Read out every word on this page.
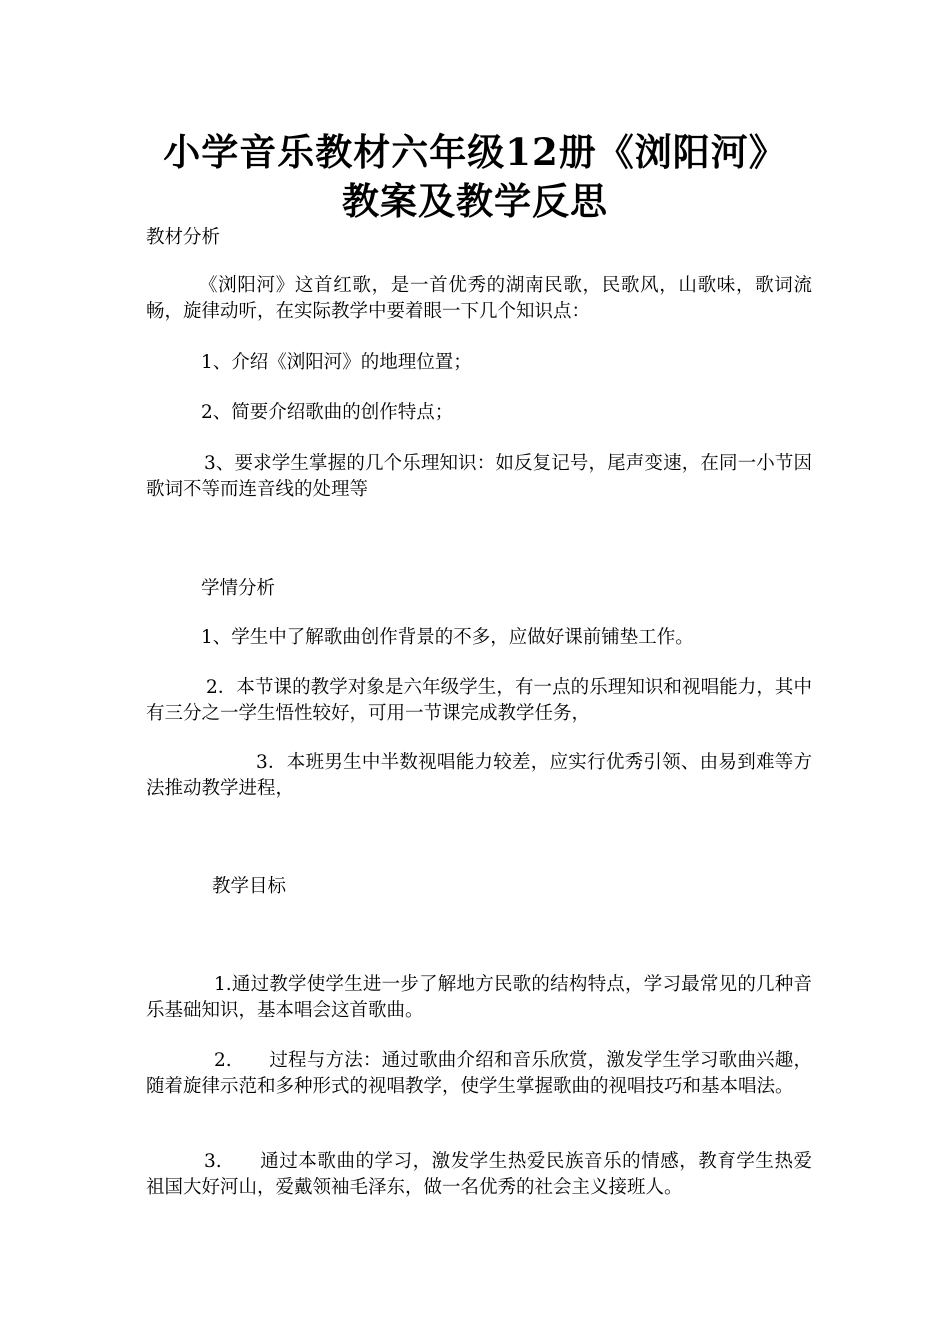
小学音乐教材六年级12册《浏阳河》
教案及教学反思
教材分析
《浏阳河》这首红歌，是一首优秀的湖南民歌，民歌风，山歌味，歌词流畅，旋律动听，在实际教学中要着眼一下几个知识点：
1、介绍《浏阳河》的地理位置；
2、简要介绍歌曲的创作特点；
3、要求学生掌握的几个乐理知识：如反复记号，尾声变速，在同一小节因歌词不等而连音线的处理等
学情分析
1、学生中了解歌曲创作背景的不多，应做好课前铺垫工作。
2．本节课的教学对象是六年级学生，有一点的乐理知识和视唱能力，其中有三分之一学生悟性较好，可用一节课完成教学任务，
3．本班男生中半数视唱能力较差，应实行优秀引领、由易到难等方法推动教学进程，
教学目标
1.通过教学使学生进一步了解地方民歌的结构特点，学习最常见的几种音乐基础知识，基本唱会这首歌曲。
2.　　过程与方法：通过歌曲介绍和音乐欣赏，激发学生学习歌曲兴趣，随着旋律示范和多种形式的视唱教学，使学生掌握歌曲的视唱技巧和基本唱法。
3.　　通过本歌曲的学习，激发学生热爱民族音乐的情感，教育学生热爱祖国大好河山，爱戴领袖毛泽东，做一名优秀的社会主义接班人。
